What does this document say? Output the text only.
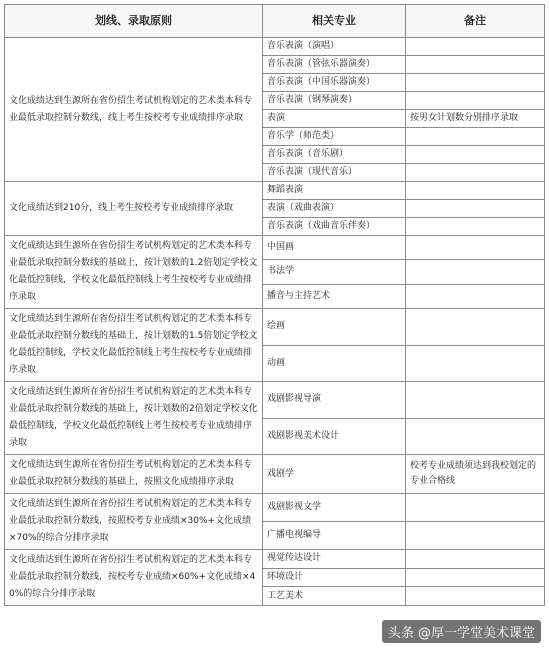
划线、录取原则	相关专业	备注
文化成绩达到生源所在省份招生考试机构划定的艺术类本科专业最低录取控制分数线，线上考生按校考专业成绩排序录取	音乐表演（演唱）	
	音乐表演（管弦乐器演奏）	
	音乐表演（中国乐器演奏）	
	音乐表演（钢琴演奏）	
	表演	按男女计划数分别排序录取
	音乐学（师范类）	
	音乐表演（音乐剧）	
	音乐表演（现代音乐）	
文化成绩达到210分，线上考生按校考专业成绩排序录取	舞蹈表演	
	表演（戏曲表演）	
	音乐表演（戏曲音乐伴奏）	
文化成绩达到生源所在省份招生考试机构划定的艺术类本科专业最低录取控制分数线的基础上，按计划数的1.2倍划定学校文化最低控制线，学校文化最低控制线上考生按校考专业成绩排序录取	中国画	
	书法学	
	播音与主持艺术	
文化成绩达到生源所在省份招生考试机构划定的艺术类本科专业最低录取控制分数线的基础上，按计划数的1.5倍划定学校文化最低控制线，学校文化最低控制线上考生按校考专业成绩排序录取	绘画	
	动画	
文化成绩达到生源所在省份招生考试机构划定的艺术类本科专业最低录取控制分数线的基础上，按计划数的2倍划定学校文化最低控制线，学校文化最低控制线上考生按校考专业成绩排序录取	戏剧影视导演	
	戏剧影视美术设计	
文化成绩达到生源所在省份招生考试机构划定的艺术类本科专业最低录取控制分数线的基础上，按照文化成绩排序录取	戏剧学	校考专业成绩须达到我校划定的专业合格线
文化成绩达到生源所在省份招生考试机构划定的艺术类本科专业最低录取控制分数线，按照校考专业成绩×30%+文化成绩×70%的综合分排序录取	戏剧影视文学	
	广播电视编导	
文化成绩达到生源所在省份招生考试机构划定的艺术类本科专业最低录取控制分数线，按校考专业成绩×60%+文化成绩×40%的综合分排序录取	视觉传达设计	
	环境设计	
	工艺美术	
头条 @厚一学堂美术课堂
